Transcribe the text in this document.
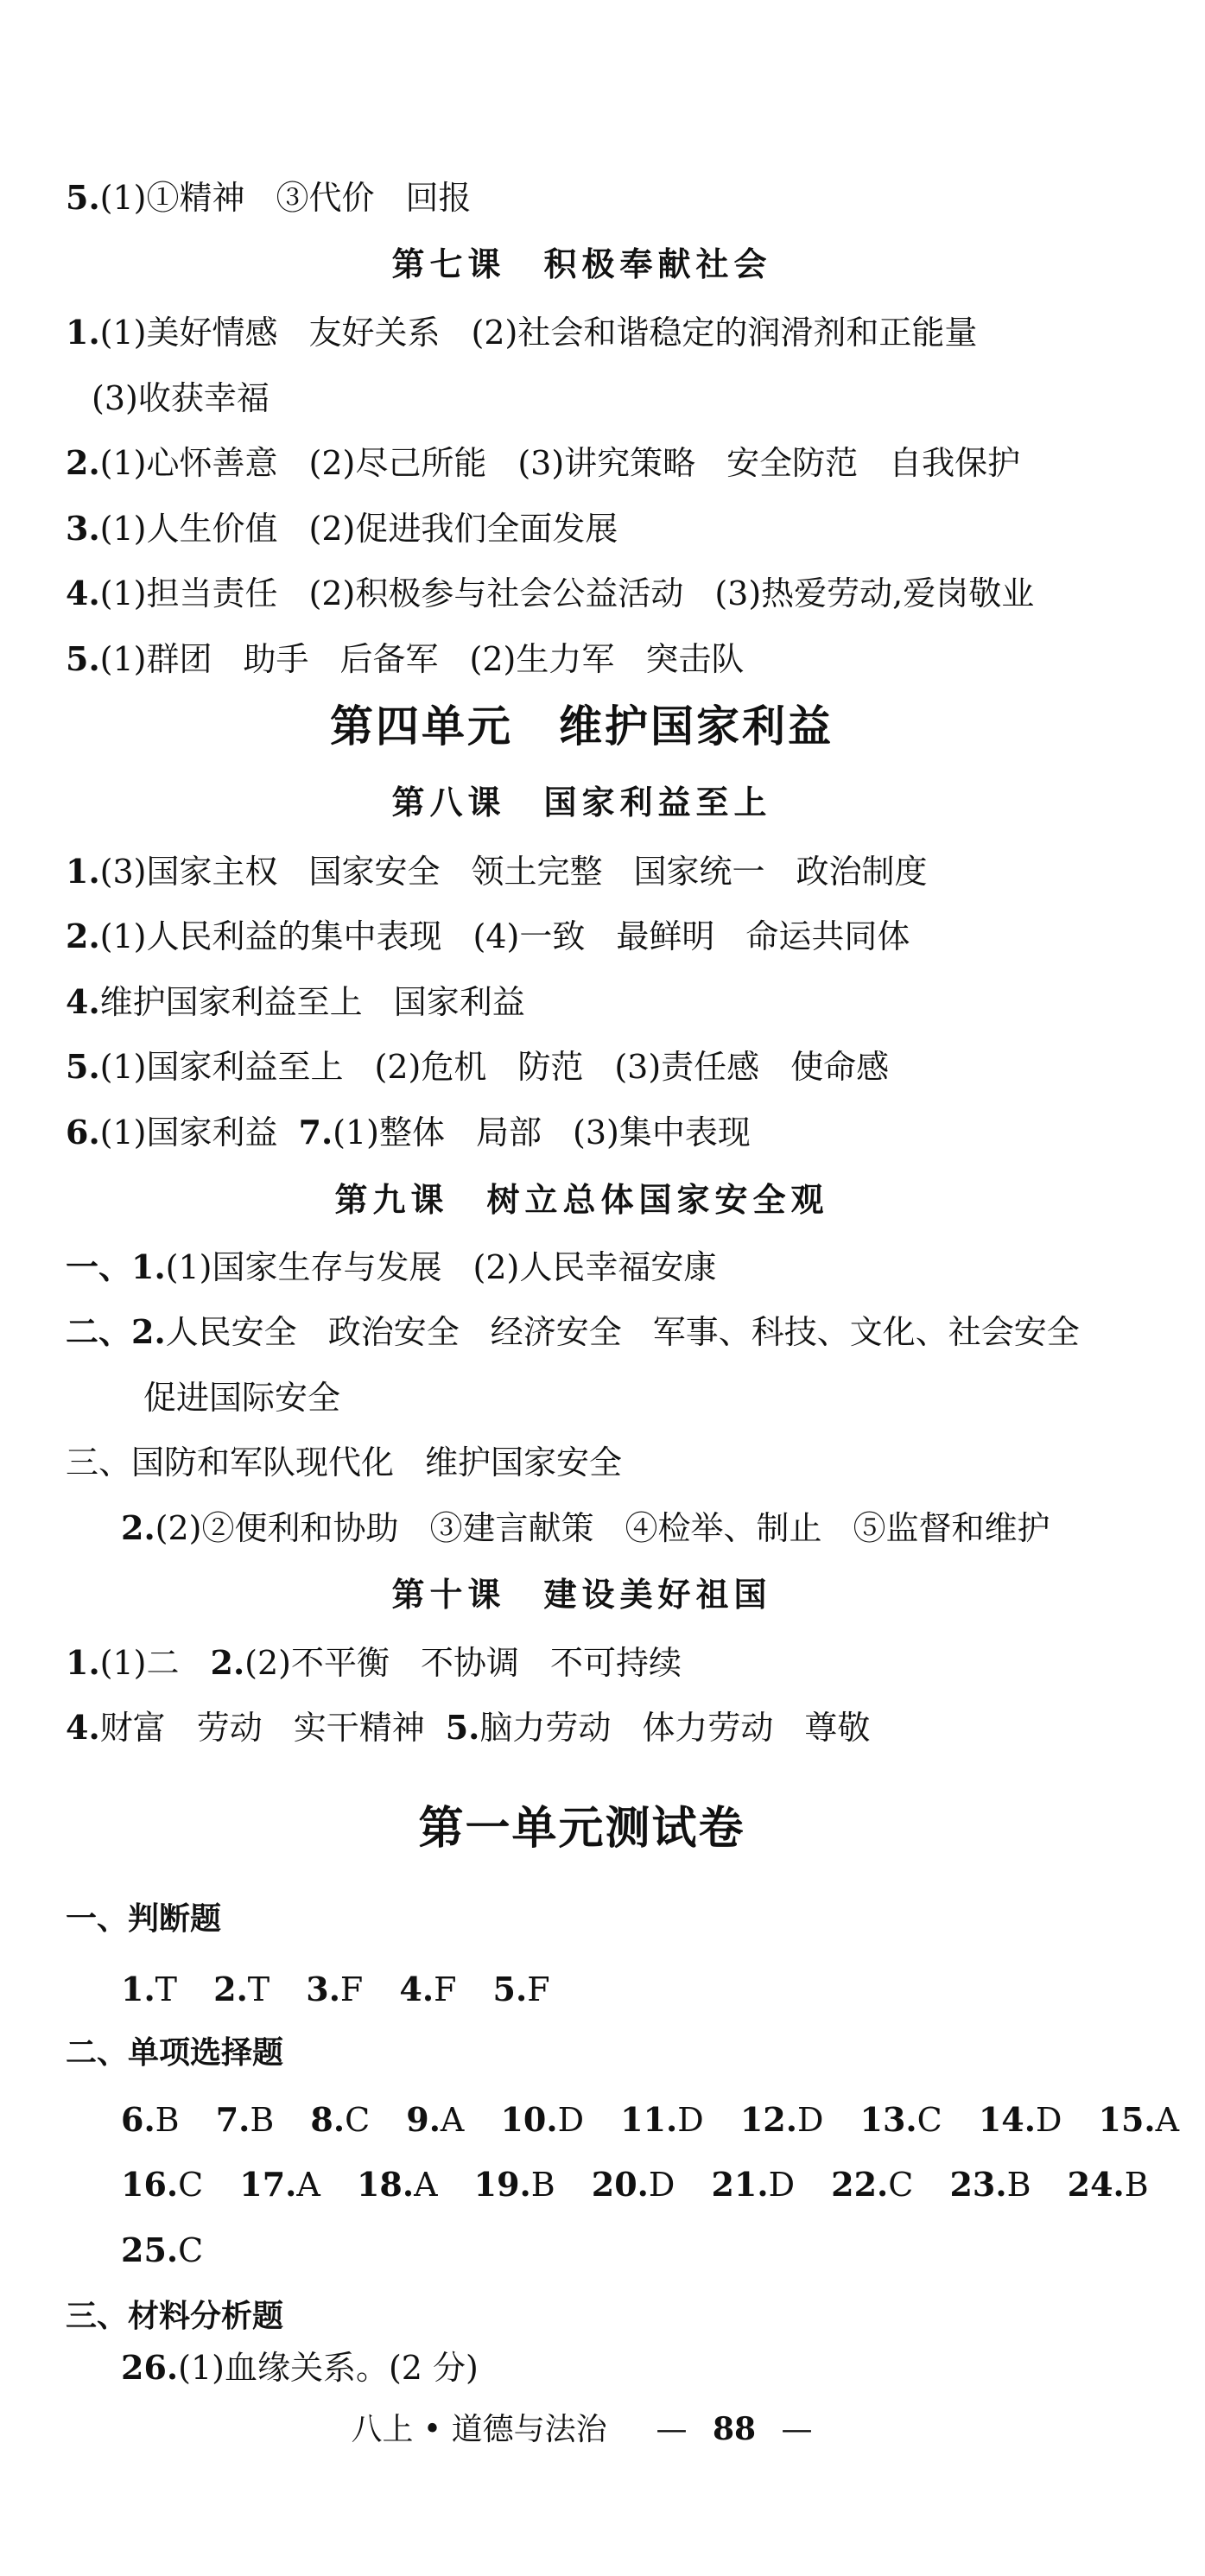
5.(1)①精神 ③代价 回报
第七课　积极奉献社会
1.(1)美好情感 友好关系 (2)社会和谐稳定的润滑剂和正能量
(3)收获幸福
2.(1)心怀善意 (2)尽己所能 (3)讲究策略 安全防范 自我保护
3.(1)人生价值 (2)促进我们全面发展
4.(1)担当责任 (2)积极参与社会公益活动 (3)热爱劳动,爱岗敬业
5.(1)群团 助手 后备军 (2)生力军 突击队
第四单元　维护国家利益
第八课　国家利益至上
1.(3)国家主权 国家安全 领土完整 国家统一 政治制度
2.(1)人民利益的集中表现 (4)一致 最鲜明 命运共同体
4.维护国家利益至上 国家利益
5.(1)国家利益至上 (2)危机 防范 (3)责任感 使命感
6.(1)国家利益 7.(1)整体 局部 (3)集中表现
第九课　树立总体国家安全观
一、1.(1)国家生存与发展 (2)人民幸福安康
二、2.人民安全 政治安全 经济安全 军事、科技、文化、社会安全
促进国际安全
三、国防和军队现代化 维护国家安全
2.(2)②便利和协助 ③建言献策 ④检举、制止 ⑤监督和维护
第十课　建设美好祖国
1.(1)二 2.(2)不平衡 不协调 不可持续
4.财富 劳动 实干精神 5.脑力劳动 体力劳动 尊敬
第一单元测试卷
一、判断题
1.T 2.T 3.F 4.F 5.F
二、单项选择题
6.B 7.B 8.C 9.A 10.D 11.D 12.D 13.C 14.D 15.A
16.C 17.A 18.A 19.B 20.D 21.D 22.C 23.B 24.B
25.C
三、材料分析题
26.(1)血缘关系。(2 分)
八上 • 道德与法治 — 88 —
